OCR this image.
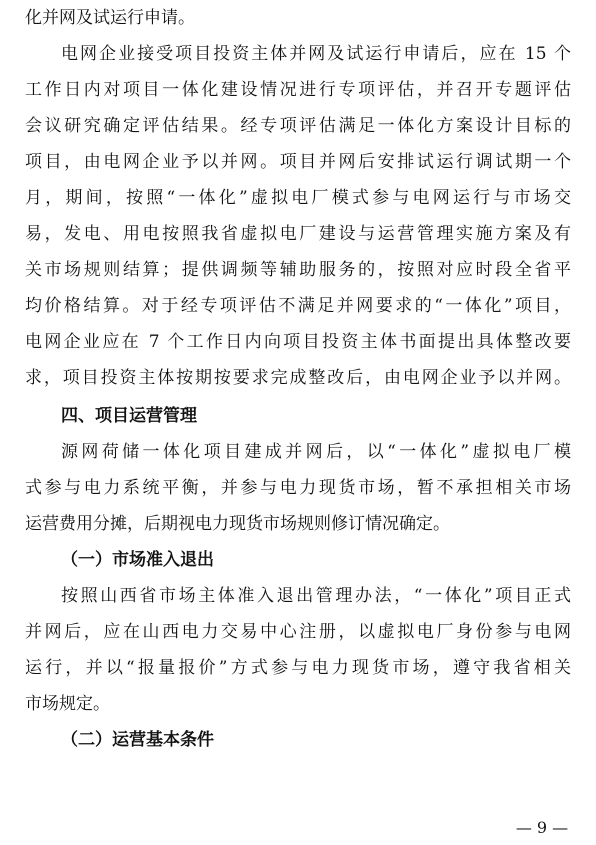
化并网及试运行申请。
电网企业接受项目投资主体并网及试运行申请后，应在 15 个
工作日内对项目一体化建设情况进行专项评估，并召开专题评估
会议研究确定评估结果。经专项评估满足一体化方案设计目标的
项目，由电网企业予以并网。项目并网后安排试运行调试期一个
月，期间，按照“一体化”虚拟电厂模式参与电网运行与市场交
易，发电、用电按照我省虚拟电厂建设与运营管理实施方案及有
关市场规则结算；提供调频等辅助服务的，按照对应时段全省平
均价格结算。对于经专项评估不满足并网要求的“一体化”项目，
电网企业应在 7 个工作日内向项目投资主体书面提出具体整改要
求，项目投资主体按期按要求完成整改后，由电网企业予以并网。
四、项目运营管理
源网荷储一体化项目建成并网后，以“一体化”虚拟电厂模
式参与电力系统平衡，并参与电力现货市场，暂不承担相关市场
运营费用分摊，后期视电力现货市场规则修订情况确定。
（一）市场准入退出
按照山西省市场主体准入退出管理办法，“一体化”项目正式
并网后，应在山西电力交易中心注册，以虚拟电厂身份参与电网
运行，并以“报量报价”方式参与电力现货市场，遵守我省相关
市场规定。
（二）运营基本条件
— 9 —
